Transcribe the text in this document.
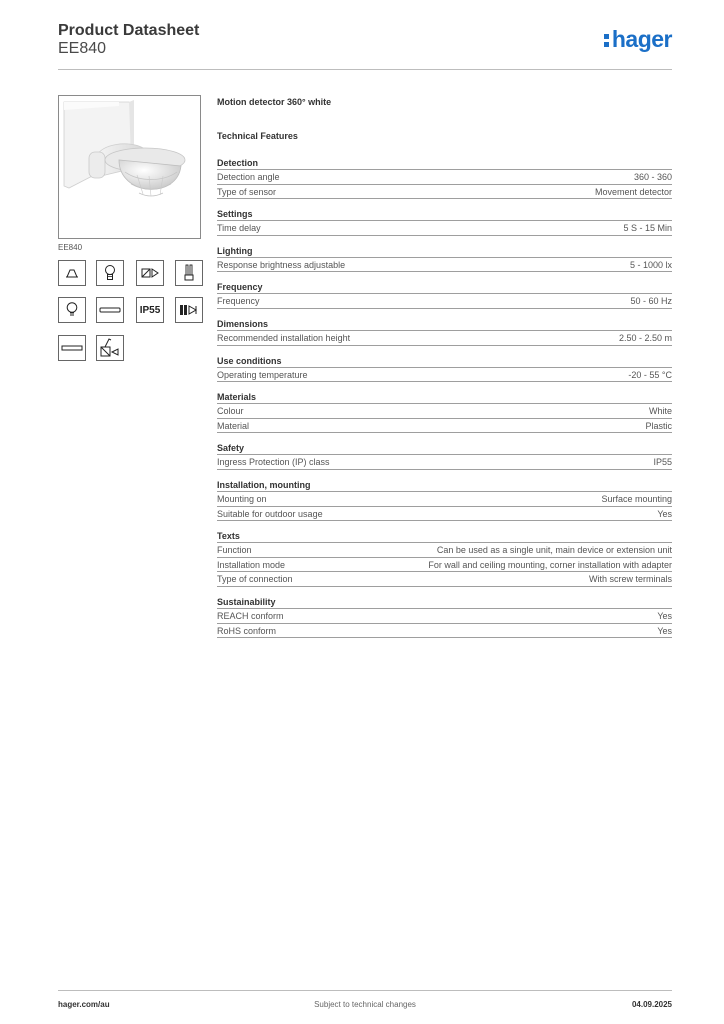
Product Datasheet
EE840	hager
EE840
IP55
Motion detector 360° white
Technical Features
Detection
Detection angle	360 - 360
Type of sensor	Movement detector
Settings
Time delay	5 S - 15 Min
Lighting
Response brightness adjustable	5 - 1000 lx
Frequency
Frequency	50 - 60 Hz
Dimensions
Recommended installation height	2.50 - 2.50 m
Use conditions
Operating temperature	-20 - 55 °C
Materials
Colour	White
Material	Plastic
Safety
Ingress Protection (IP) class	IP55
Installation, mounting
Mounting on	Surface mounting
Suitable for outdoor usage	Yes
Texts
Function	Can be used as a single unit, main device or extension unit
Installation mode	For wall and ceiling mounting, corner installation with adapter
Type of connection	With screw terminals
Sustainability
REACH conform	Yes
RoHS conform	Yes
hager.com/au	Subject to technical changes	04.09.2025
